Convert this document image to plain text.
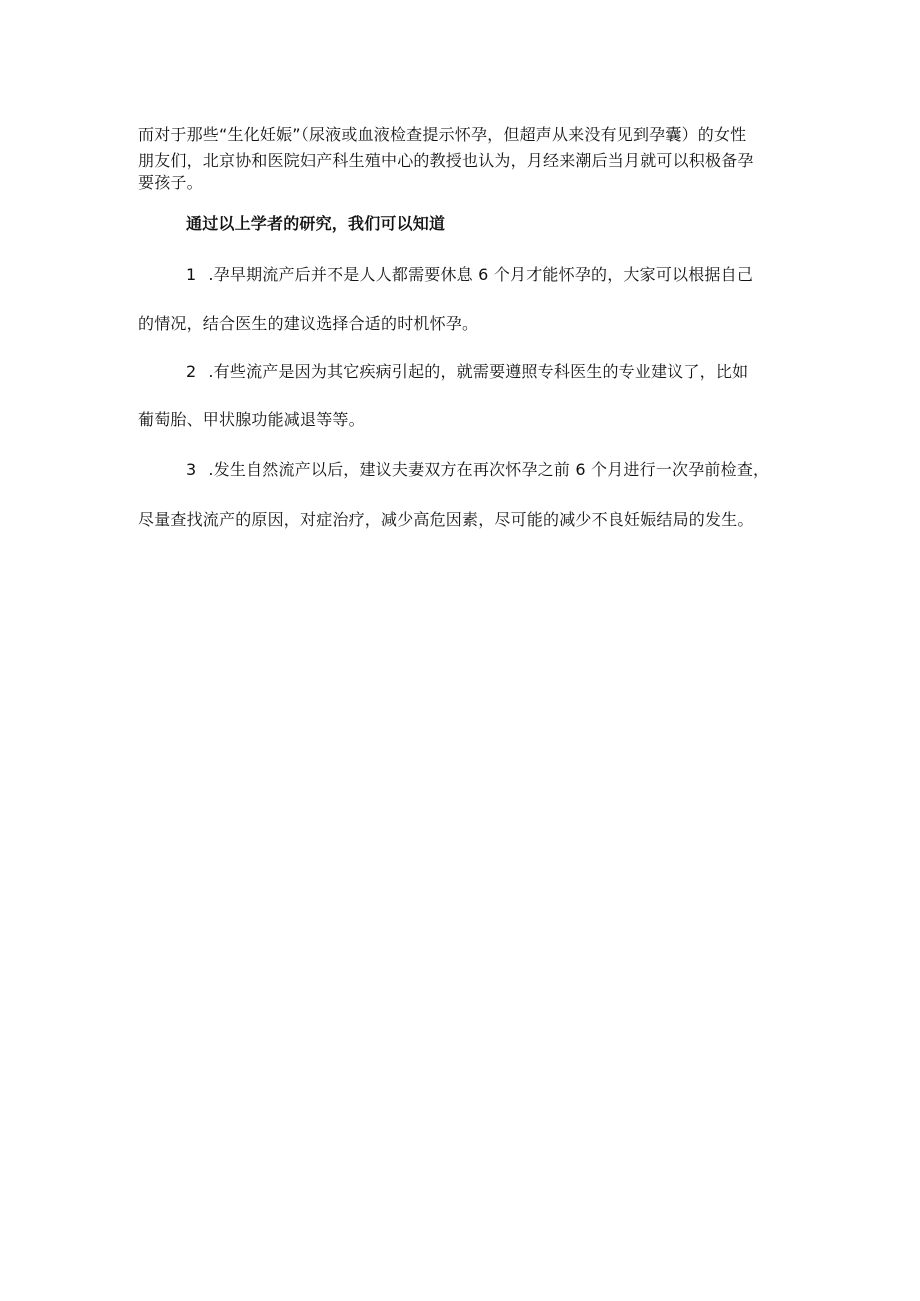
而对于那些“生化妊娠”（尿液或血液检查提示怀孕，但超声从来没有见到孕囊）的女性
朋友们，北京协和医院妇产科生殖中心的教授也认为，月经来潮后当月就可以积极备孕
要孩子。
通过以上学者的研究，我们可以知道
1 .孕早期流产后并不是人人都需要休息 6 个月才能怀孕的，大家可以根据自己
的情况，结合医生的建议选择合适的时机怀孕。
2 .有些流产是因为其它疾病引起的，就需要遵照专科医生的专业建议了，比如
葡萄胎、甲状腺功能减退等等。
3 .发生自然流产以后，建议夫妻双方在再次怀孕之前 6 个月进行一次孕前检查，
尽量查找流产的原因，对症治疗，减少高危因素，尽可能的减少不良妊娠结局的发生。
